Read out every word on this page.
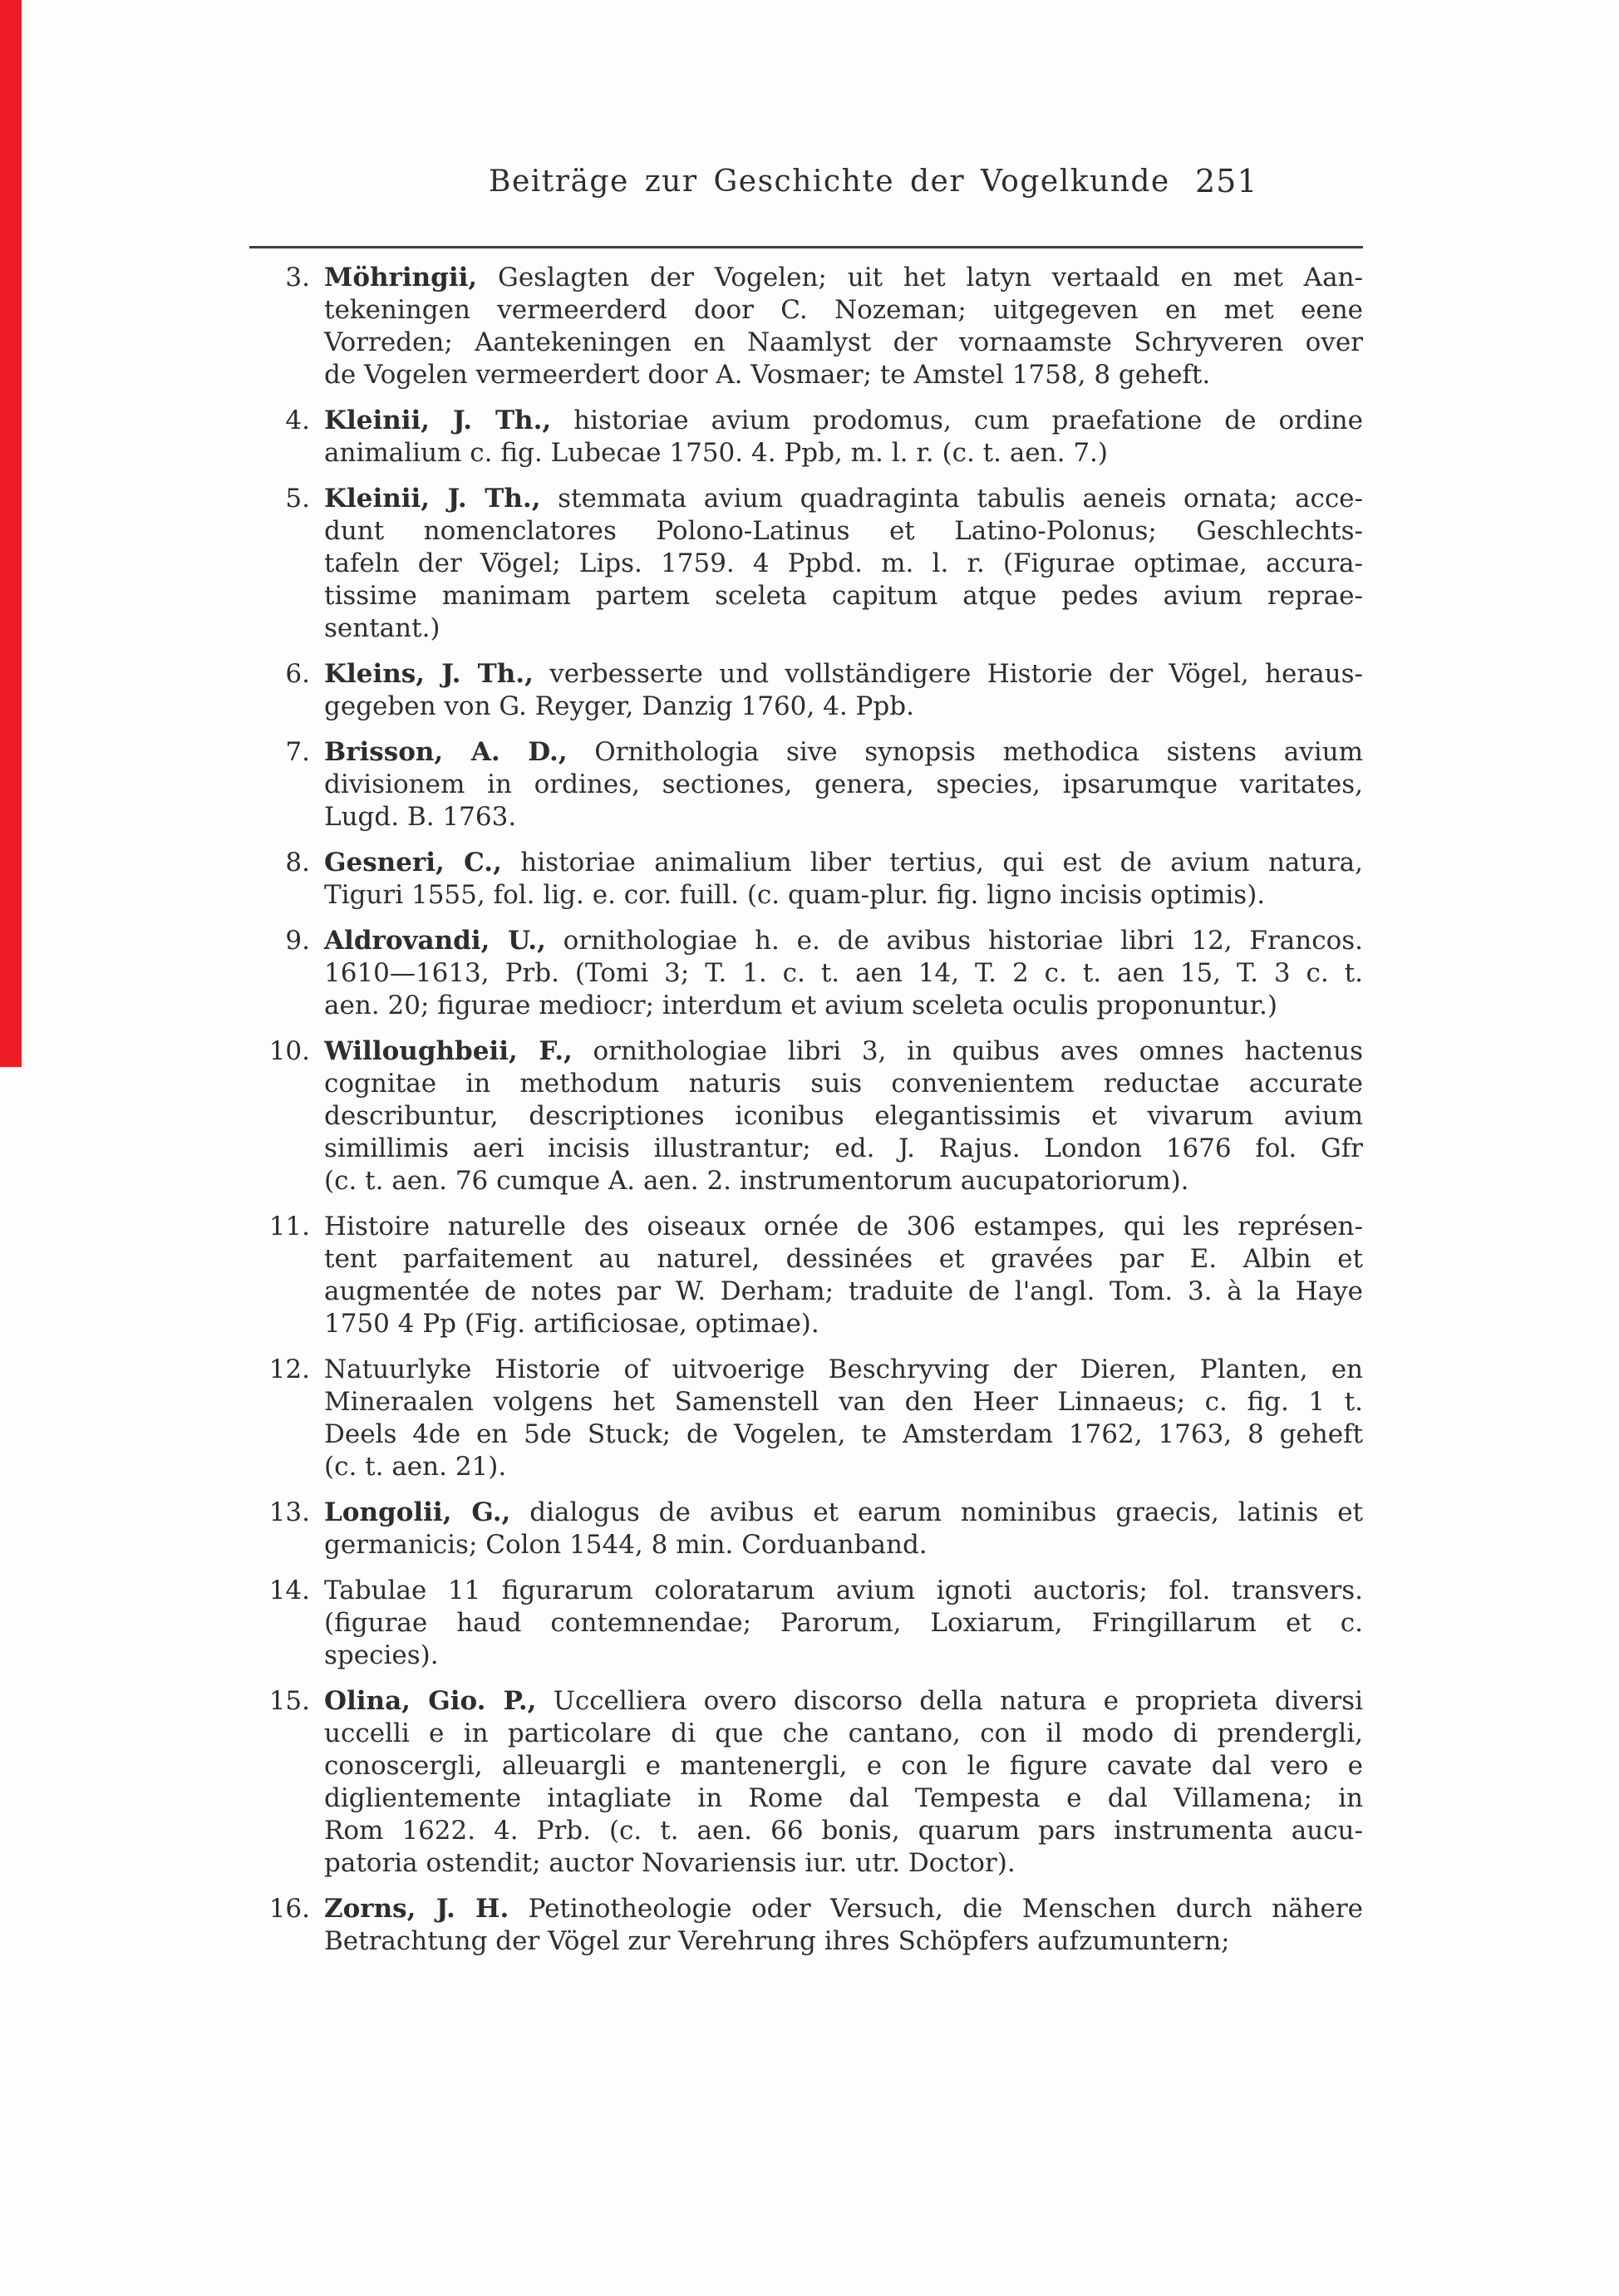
Beiträge zur Geschichte der Vogelkunde 251
3. Möhringii, Geslagten der Vogelen; uit het latyn vertaald en met Aan-
tekeningen vermeerderd door C. Nozeman; uitgegeven en met eene
Vorreden; Aantekeningen en Naamlyst der vornaamste Schryveren over
de Vogelen vermeerdert door A. Vosmaer; te Amstel 1758, 8 geheft.
4. Kleinii, J. Th., historiae avium prodomus, cum praefatione de ordine
animalium c. fig. Lubecae 1750. 4. Ppb, m. l. r. (c. t. aen. 7.)
5. Kleinii, J. Th., stemmata avium quadraginta tabulis aeneis ornata; acce-
dunt nomenclatores Polono-Latinus et Latino-Polonus; Geschlechts-
tafeln der Vögel; Lips. 1759. 4 Ppbd. m. l. r. (Figurae optimae, accura-
tissime manimam partem sceleta capitum atque pedes avium reprae-
sentant.)
6. Kleins, J. Th., verbesserte und vollständigere Historie der Vögel, heraus-
gegeben von G. Reyger, Danzig 1760, 4. Ppb.
7. Brisson, A. D., Ornithologia sive synopsis methodica sistens avium
divisionem in ordines, sectiones, genera, species, ipsarumque varitates,
Lugd. B. 1763.
8. Gesneri, C., historiae animalium liber tertius, qui est de avium natura,
Tiguri 1555, fol. lig. e. cor. fuill. (c. quam-plur. fig. ligno incisis optimis).
9. Aldrovandi, U., ornithologiae h. e. de avibus historiae libri 12, Francos.
1610—1613, Prb. (Tomi 3; T. 1. c. t. aen 14, T. 2 c. t. aen 15, T. 3 c. t.
aen. 20; figurae mediocr; interdum et avium sceleta oculis proponuntur.)
10. Willoughbeii, F., ornithologiae libri 3, in quibus aves omnes hactenus
cognitae in methodum naturis suis convenientem reductae accurate
describuntur, descriptiones iconibus elegantissimis et vivarum avium
simillimis aeri incisis illustrantur; ed. J. Rajus. London 1676 fol. Gfr
(c. t. aen. 76 cumque A. aen. 2. instrumentorum aucupatoriorum).
11. Histoire naturelle des oiseaux ornée de 306 estampes, qui les représen-
tent parfaitement au naturel, dessinées et gravées par E. Albin et
augmentée de notes par W. Derham; traduite de l'angl. Tom. 3. à la Haye
1750 4 Pp (Fig. artificiosae, optimae).
12. Natuurlyke Historie of uitvoerige Beschryving der Dieren, Planten, en
Mineraalen volgens het Samenstell van den Heer Linnaeus; c. fig. 1 t.
Deels 4de en 5de Stuck; de Vogelen, te Amsterdam 1762, 1763, 8 geheft
(c. t. aen. 21).
13. Longolii, G., dialogus de avibus et earum nominibus graecis, latinis et
germanicis; Colon 1544, 8 min. Corduanband.
14. Tabulae 11 figurarum coloratarum avium ignoti auctoris; fol. transvers.
(figurae haud contemnendae; Parorum, Loxiarum, Fringillarum et c.
species).
15. Olina, Gio. P., Uccelliera overo discorso della natura e proprieta diversi
uccelli e in particolare di que che cantano, con il modo di prendergli,
conoscergli, alleuargli e mantenergli, e con le figure cavate dal vero e
diglientemente intagliate in Rome dal Tempesta e dal Villamena; in
Rom 1622. 4. Prb. (c. t. aen. 66 bonis, quarum pars instrumenta aucu-
patoria ostendit; auctor Novariensis iur. utr. Doctor).
16. Zorns, J. H. Petinotheologie oder Versuch, die Menschen durch nähere
Betrachtung der Vögel zur Verehrung ihres Schöpfers aufzumuntern;
